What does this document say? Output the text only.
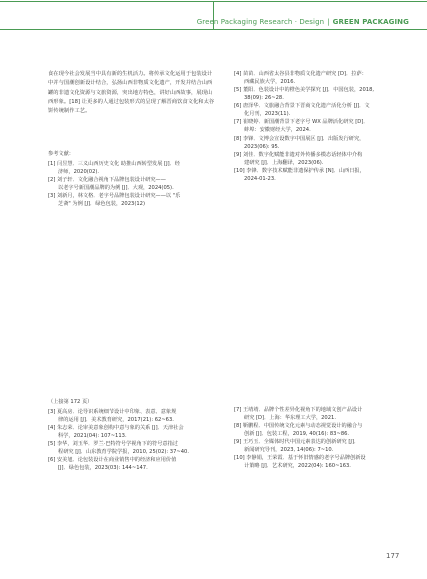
Green Packaging Research · Design | GREEN PACKAGING

食在现今社会发展当中具有新的生机活力。将传承文化运用于包装设计中并与国潮创新设计结合，弘扬山西非物质文化遗产，开发并结合山西罐的非遗文化资源与文旅资源，突出地方特色，讲好山西故事，展现山西形象。[18] 让更多的人通过包装形式的呈现了解晋商饮食文化和太谷饼传统制作工艺。

参考文献：

[1] 闫昱慧．三义山西历史文化 助推山西转型发展 [J]．经

济师，2020(02).

[2] 刘子轩．文化融合视角下品牌包装设计研究——

以老字号新国潮品牌的为例 [J]．大观，2024(05).

[3] 刘新月，林文格．老字号品牌包装设计研究——以 "乐

芝斋" 为例 [J]．绿色包装，2023(12)

[4] 苗苗．山西省太谷县非物质文化遗产研究 [D]．拉萨：

西藏民族大学，2016.

[5] 董阳．色装设计中的橙色美学探究 [J]．中国包装，2018,

38(09): 26~28.

[6] 唐泽华．文旅融合背景下晋商文化遗产活化分析 [J]．文

化月刊，2023(11).

[7] 崔晓婷．新国潮背景下老字号 WX 品牌活化研究 [D]．

蚌埠：安徽财经大学，2024.

[8] 李锋．文博会宣设数字中国展区 [J]．出版发行研究，

2023(06): 95.

[9] 刘佳．数字化赋能非遗对外传播多模态话轻体中介构

建研究 [J]．上海翻译，2023(06).

[10] 李锋．数字技术赋能非遗保护传承 [N]．山西日报，

2024-01-23.

（上接第 172 页）

[3] 夏高房．论导识系统细节设计中印象、表意、意象规

律的运用 [J]．美术教育研究，2017(21): 62~63.

[4] 朱志荣．论审美意象创构中意与象的关系 [J]．天津社会

科学，2021(04): 107~113.

[5] 李华，刘玉华．罗兰·巴特符号学视角下的符号意指过

程研究 [J]．山东教育学院学报，2010, 25(02): 37~40.

[6] 安美旭．论包装设计在商业销售中的经济和应用价值

[J]．绿色包装，2023(03): 144~147.

[7] 王靖靖．品牌个性差异化视角下的地域文创产品设计

研究 [D]．上海：华东理工大学，2021.

[8] 靳鹏程．中国传统文化元素与动态视觉设计的融合与

创新 [J]．包装工程，2019, 40(16): 83~86.

[9] 王巧玉．全媒体时代中国元素表达的创新研究 [J]．

新闻研究导刊，2023, 14(06): 7~10.

[10] 李静娟，王荣霞．基于怀旧情感的老字号品牌创新设

计策略 [J]．艺术研究，2022(04): 160~163.

177
